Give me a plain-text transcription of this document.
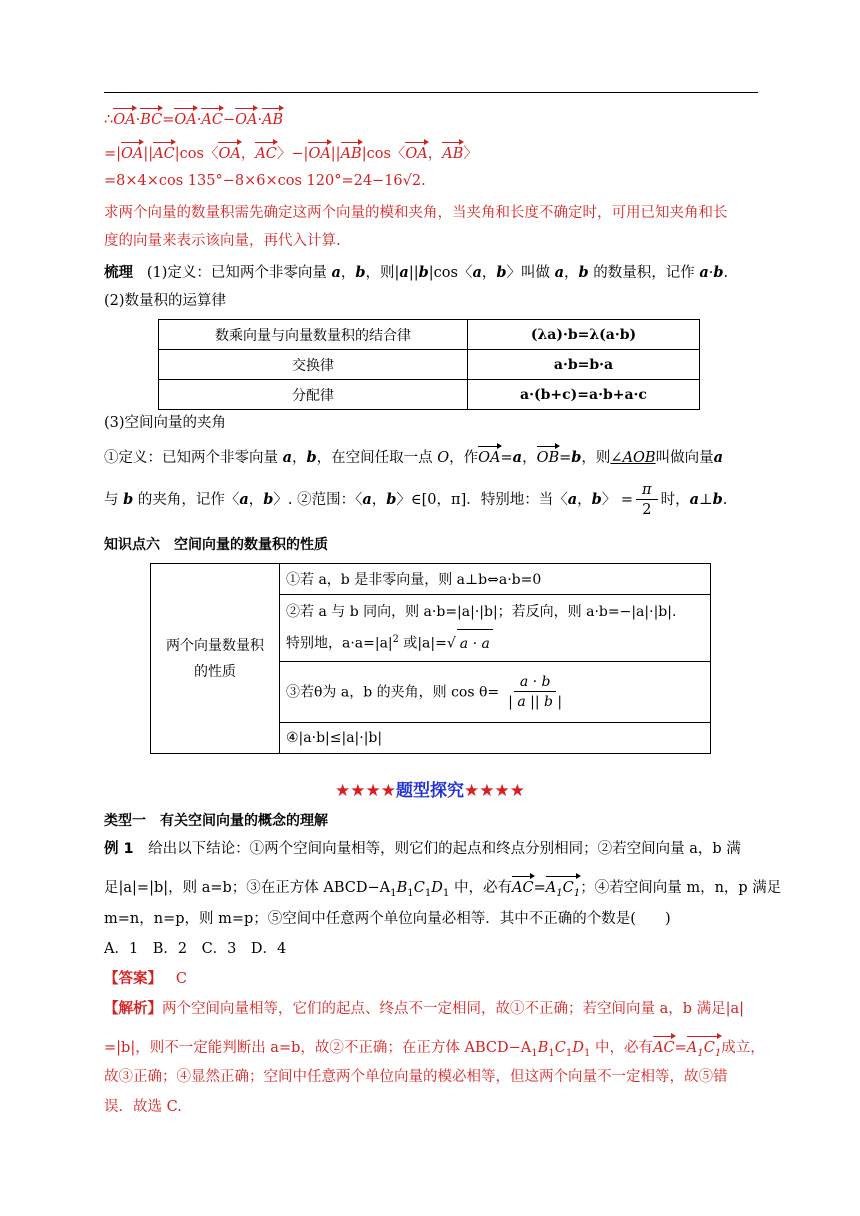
∴OA·BC=OA·AC−OA·AB
=|OA||AC|cos〈OA，AC〉−|OA||AB|cos〈OA，AB〉
=8×4×cos 135°−8×6×cos 120°=24−16√2.
求两个向量的数量积需先确定这两个向量的模和夹角，当夹角和长度不确定时，可用已知夹角和长
度的向量来表示该向量，再代入计算.
梳理 (1)定义：已知两个非零向量 a，b，则|a||b|cos〈a，b〉叫做 a，b 的数量积，记作 a·b.
(2)数量积的运算律
数乘向量与向量数量积的结合律	(λa)·b=λ(a·b)
交换律	a·b=b·a
分配律	a·(b+c)=a·b+a·c
(3)空间向量的夹角
①定义：已知两个非零向量 a，b，在空间任取一点 O，作OA=a，OB=b，则∠AOB叫做向量a
与 b 的夹角，记作〈a，b〉. ②范围：〈a，b〉∈[0，π]．特别地：当〈a，b〉 = $\frac{\pi}{2}$ 时，a⊥b.
知识点六　空间向量的数量积的性质
两个向量数量积
的性质
	①若 a，b 是非零向量，则 a⊥b⇔a·b=0

②若 a 与 b 同向，则 a·b=|a|·|b|；若反向，则 a·b=−|a|·|b|.
特别地，$a\cdot a=|a|^2$ 或|a|=√ a · a

③若θ为 a，b 的夹角，则 $\cos \theta= \frac{a \cdot b}{| a || b |}$

④|a·b|≤|a|·|b|
★★★★题型探究★★★★
类型一　有关空间向量的概念的理解
例 1　给出以下结论：①两个空间向量相等，则它们的起点和终点分别相同；②若空间向量 a，b 满
足|a|=|b|，则 a=b；③在正方体 $ABCD-A_1B_1C_1D_1$ 中，必有$AC=A_1C_1$；④若空间向量 m，n，p 满足
m=n，n=p，则 m=p；⑤空间中任意两个单位向量必相等．其中不正确的个数是(　　)
A．1　B．2　C．3　D．4
【答案】 C
【解析】两个空间向量相等，它们的起点、终点不一定相同，故①不正确；若空间向量 a，b 满足|a|
=|b|，则不一定能判断出 a=b，故②不正确；在正方体 $ABCD-A_1B_1C_1D_1$ 中，必有$AC=A_1C_1$成立，
故③正确；④显然正确；空间中任意两个单位向量的模必相等，但这两个向量不一定相等，故⑤错
误．故选 C.
